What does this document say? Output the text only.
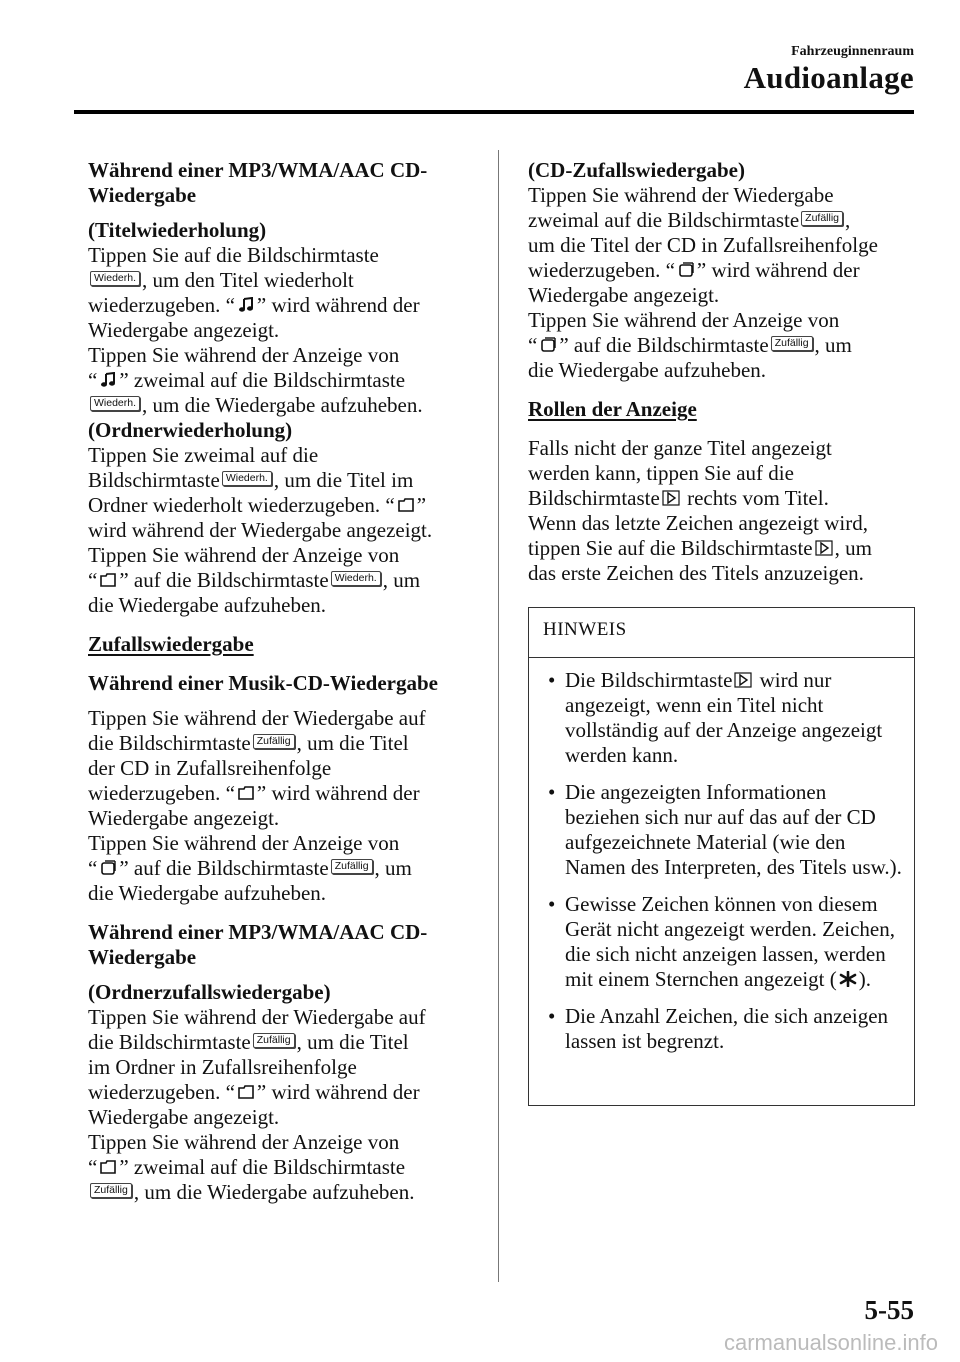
Fahrzeuginnenraum
Audioanlage

Während einer MP3/WMA/AAC CD-Wiedergabe

(Titelwiederholung)

Tippen Sie auf die Bildschirmtaste
Wiederh. , um den Titel wiederholt
wiederzugeben. “ ” wird während der
Wiedergabe angezeigt.
Tippen Sie während der Anzeige von
“ ” zweimal auf die Bildschirmtaste
Wiederh. , um die Wiedergabe aufzuheben.

(Ordnerwiederholung)

Tippen Sie zweimal auf die
Bildschirmtaste Wiederh. , um die Titel im
Ordner wiederholt wiederzugeben. “ ”
wird während der Wiedergabe angezeigt.
Tippen Sie während der Anzeige von
“ ” auf die Bildschirmtaste Wiederh. , um
die Wiedergabe aufzuheben.

Zufallswiedergabe

Während einer Musik-CD-Wiedergabe

Tippen Sie während der Wiedergabe auf
die Bildschirmtaste Zufällig , um die Titel
der CD in Zufallsreihenfolge
wiederzugeben. “ ” wird während der
Wiedergabe angezeigt.
Tippen Sie während der Anzeige von
“ ” auf die Bildschirmtaste Zufällig , um
die Wiedergabe aufzuheben.

Während einer MP3/WMA/AAC CD-Wiedergabe

(Ordnerzufallswiedergabe)

Tippen Sie während der Wiedergabe auf
die Bildschirmtaste Zufällig , um die Titel
im Ordner in Zufallsreihenfolge
wiederzugeben. “ ” wird während der
Wiedergabe angezeigt.
Tippen Sie während der Anzeige von
“ ” zweimal auf die Bildschirmtaste
Zufällig , um die Wiedergabe aufzuheben.

(CD-Zufallswiedergabe)

Tippen Sie während der Wiedergabe
zweimal auf die Bildschirmtaste Zufällig ,
um die Titel der CD in Zufallsreihenfolge
wiederzugeben. “ ” wird während der
Wiedergabe angezeigt.
Tippen Sie während der Anzeige von
“ ” auf die Bildschirmtaste Zufällig , um
die Wiedergabe aufzuheben.

Rollen der Anzeige

Falls nicht der ganze Titel angezeigt
werden kann, tippen Sie auf die
Bildschirmtaste rechts vom Titel.
Wenn das letzte Zeichen angezeigt wird,
tippen Sie auf die Bildschirmtaste , um
das erste Zeichen des Titels anzuzeigen.

HINWEIS
• Die Bildschirmtaste wird nur angezeigt, wenn ein Titel nicht vollständig auf der Anzeige angezeigt werden kann.
• Die angezeigten Informationen beziehen sich nur auf das auf der CD aufgezeichnete Material (wie den Namen des Interpreten, des Titels usw.).
• Gewisse Zeichen können von diesem Gerät nicht angezeigt werden. Zeichen, die sich nicht anzeigen lassen, werden mit einem Sternchen angezeigt ( ).
• Die Anzahl Zeichen, die sich anzeigen lassen ist begrenzt.
5-55
carmanualsonline.info
